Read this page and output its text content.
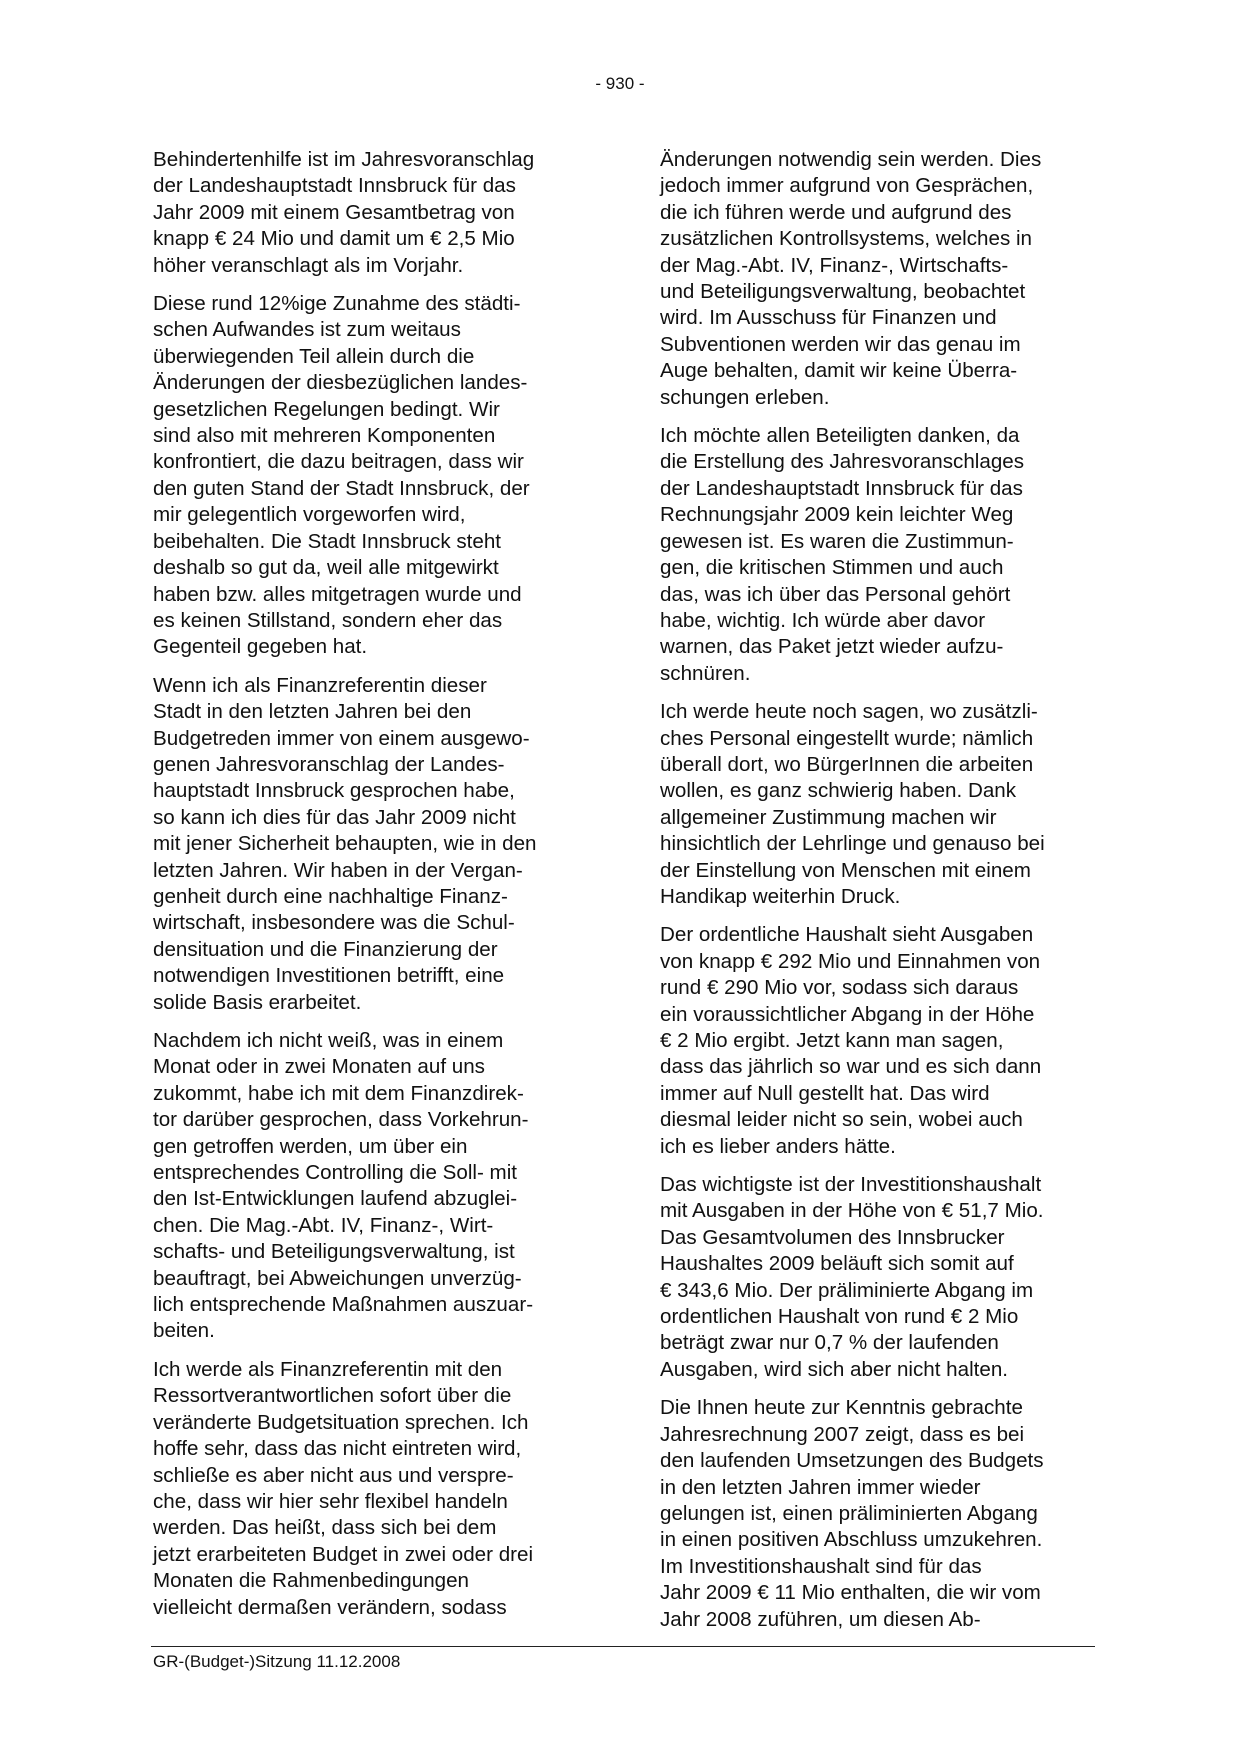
- 930 -

Behindertenhilfe ist im Jahresvoranschlag
der Landeshauptstadt Innsbruck für das
Jahr 2009 mit einem Gesamtbetrag von
knapp € 24 Mio und damit um € 2,5 Mio
höher veranschlagt als im Vorjahr.

Diese rund 12%ige Zunahme des städti-
schen Aufwandes ist zum weitaus
überwiegenden Teil allein durch die
Änderungen der diesbezüglichen landes-
gesetzlichen Regelungen bedingt. Wir
sind also mit mehreren Komponenten
konfrontiert, die dazu beitragen, dass wir
den guten Stand der Stadt Innsbruck, der
mir gelegentlich vorgeworfen wird,
beibehalten. Die Stadt Innsbruck steht
deshalb so gut da, weil alle mitgewirkt
haben bzw. alles mitgetragen wurde und
es keinen Stillstand, sondern eher das
Gegenteil gegeben hat.

Wenn ich als Finanzreferentin dieser
Stadt in den letzten Jahren bei den
Budgetreden immer von einem ausgewo-
genen Jahresvoranschlag der Landes-
hauptstadt Innsbruck gesprochen habe,
so kann ich dies für das Jahr 2009 nicht
mit jener Sicherheit behaupten, wie in den
letzten Jahren. Wir haben in der Vergan-
genheit durch eine nachhaltige Finanz-
wirtschaft, insbesondere was die Schul-
densituation und die Finanzierung der
notwendigen Investitionen betrifft, eine
solide Basis erarbeitet.

Nachdem ich nicht weiß, was in einem
Monat oder in zwei Monaten auf uns
zukommt, habe ich mit dem Finanzdirek-
tor darüber gesprochen, dass Vorkehrun-
gen getroffen werden, um über ein
entsprechendes Controlling die Soll- mit
den Ist-Entwicklungen laufend abzuglei-
chen. Die Mag.-Abt. IV, Finanz-, Wirt-
schafts- und Beteiligungsverwaltung, ist
beauftragt, bei Abweichungen unverzüg-
lich entsprechende Maßnahmen auszuar-
beiten.

Ich werde als Finanzreferentin mit den
Ressortverantwortlichen sofort über die
veränderte Budgetsituation sprechen. Ich
hoffe sehr, dass das nicht eintreten wird,
schließe es aber nicht aus und verspre-
che, dass wir hier sehr flexibel handeln
werden. Das heißt, dass sich bei dem
jetzt erarbeiteten Budget in zwei oder drei
Monaten die Rahmenbedingungen
vielleicht dermaßen verändern, sodass

Änderungen notwendig sein werden. Dies
jedoch immer aufgrund von Gesprächen,
die ich führen werde und aufgrund des
zusätzlichen Kontrollsystems, welches in
der Mag.-Abt. IV, Finanz-, Wirtschafts-
und Beteiligungsverwaltung, beobachtet
wird. Im Ausschuss für Finanzen und
Subventionen werden wir das genau im
Auge behalten, damit wir keine Überra-
schungen erleben.

Ich möchte allen Beteiligten danken, da
die Erstellung des Jahresvoranschlages
der Landeshauptstadt Innsbruck für das
Rechnungsjahr 2009 kein leichter Weg
gewesen ist. Es waren die Zustimmun-
gen, die kritischen Stimmen und auch
das, was ich über das Personal gehört
habe, wichtig. Ich würde aber davor
warnen, das Paket jetzt wieder aufzu-
schnüren.

Ich werde heute noch sagen, wo zusätzli-
ches Personal eingestellt wurde; nämlich
überall dort, wo BürgerInnen die arbeiten
wollen, es ganz schwierig haben. Dank
allgemeiner Zustimmung machen wir
hinsichtlich der Lehrlinge und genauso bei
der Einstellung von Menschen mit einem
Handikap weiterhin Druck.

Der ordentliche Haushalt sieht Ausgaben
von knapp € 292 Mio und Einnahmen von
rund € 290 Mio vor, sodass sich daraus
ein voraussichtlicher Abgang in der Höhe
€ 2 Mio ergibt. Jetzt kann man sagen,
dass das jährlich so war und es sich dann
immer auf Null gestellt hat. Das wird
diesmal leider nicht so sein, wobei auch
ich es lieber anders hätte.

Das wichtigste ist der Investitionshaushalt
mit Ausgaben in der Höhe von € 51,7 Mio.
Das Gesamtvolumen des Innsbrucker
Haushaltes 2009 beläuft sich somit auf
€ 343,6 Mio. Der präliminierte Abgang im
ordentlichen Haushalt von rund € 2 Mio
beträgt zwar nur 0,7 % der laufenden
Ausgaben, wird sich aber nicht halten.

Die Ihnen heute zur Kenntnis gebrachte
Jahresrechnung 2007 zeigt, dass es bei
den laufenden Umsetzungen des Budgets
in den letzten Jahren immer wieder
gelungen ist, einen präliminierten Abgang
in einen positiven Abschluss umzukehren.
Im Investitionshaushalt sind für das
Jahr 2009 € 11 Mio enthalten, die wir vom
Jahr 2008 zuführen, um diesen Ab-

GR-(Budget-)Sitzung 11.12.2008
